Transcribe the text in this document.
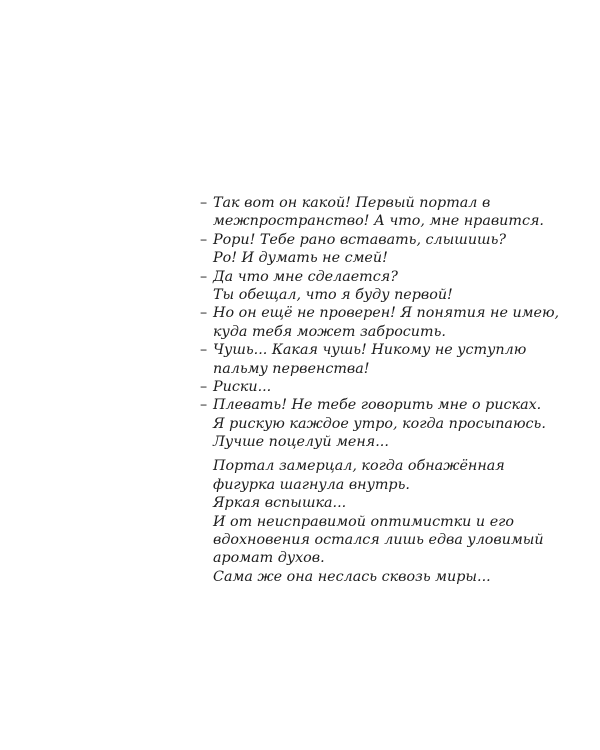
– Так вот он какой! Первый портал в
межпространство! А что, мне нравится.
– Рори! Тебе рано вставать, слышишь?
Ро! И думать не смей!
– Да что мне сделается?
Ты обещал, что я буду первой!
– Но он ещё не проверен! Я понятия не имею,
куда тебя может забросить.
– Чушь... Какая чушь! Никому не уступлю
пальму первенства!
– Риски...
– Плевать! Не тебе говорить мне о рисках.
Я рискую каждое утро, когда просыпаюсь.
Лучше поцелуй меня...
Портал замерцал, когда обнажённая
фигурка шагнула внутрь.
Яркая вспышка...
И от неисправимой оптимистки и его
вдохновения остался лишь едва уловимый
аромат духов.
Сама же она неслась сквозь миры...
